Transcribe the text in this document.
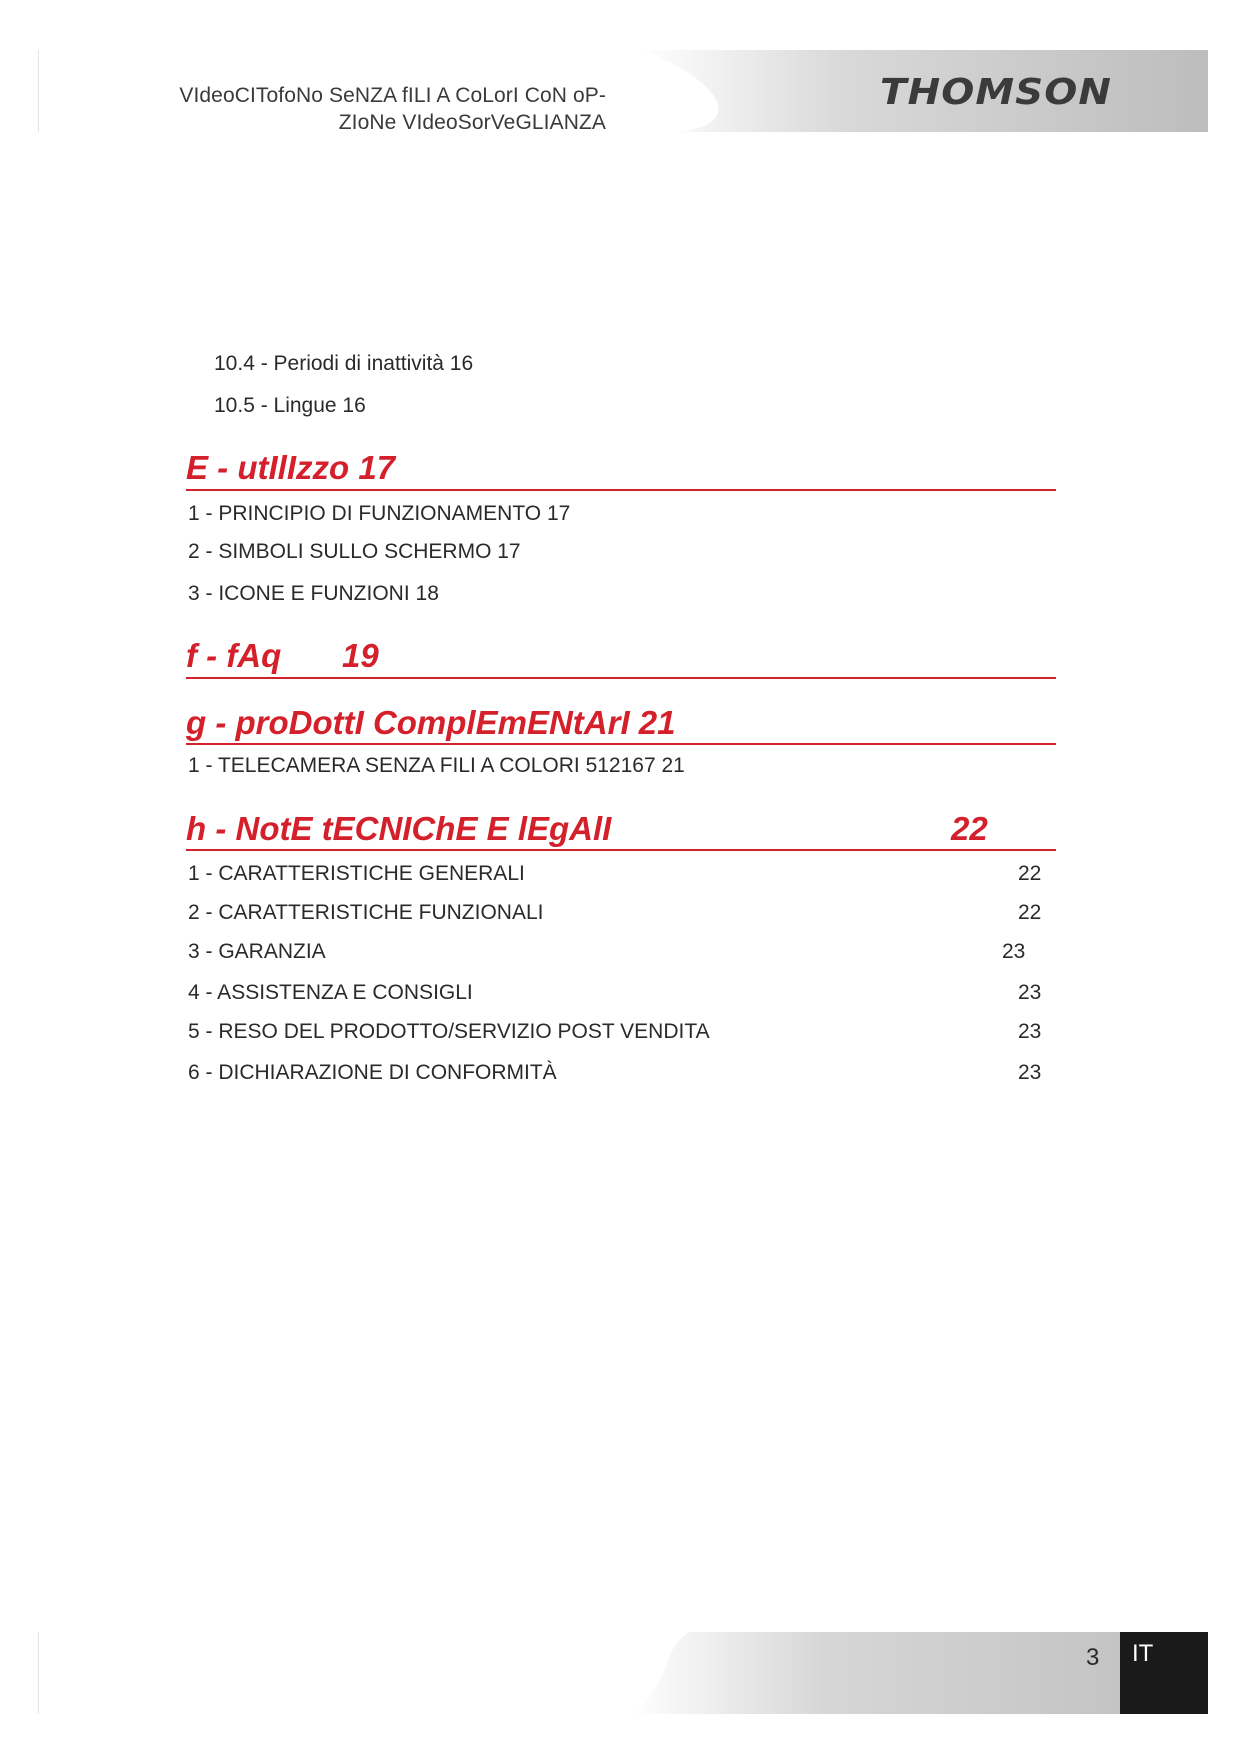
VIdeoCITofoNo SeNZA fILI A CoLorI CoN oP-
ZIoNe VIdeoSorVeGLIANZA
THOMSON
10.4 - Periodi di inattività 16
10.5 - Lingue 16
E - utIlIzzo 17
1 - PRINCIPIO DI FUNZIONAMENTO 17
2 - SIMBOLI SULLO SCHERMO 17
3 - ICONE E FUNZIONI 18
f - fAq 19
g - proDottI ComplEmENtArI 21
1 - TELECAMERA SENZA FILI A COLORI 512167 21
h - NotE tECNIChE E lEgAlI	22
1 - CARATTERISTICHE GENERALI	22
2 - CARATTERISTICHE FUNZIONALI	22
3 - GARANZIA	23
4 - ASSISTENZA E CONSIGLI	23
5 - RESO DEL PRODOTTO/SERVIZIO POST VENDITA	23
6 - DICHIARAZIONE DI CONFORMITÀ	23
3 IT
